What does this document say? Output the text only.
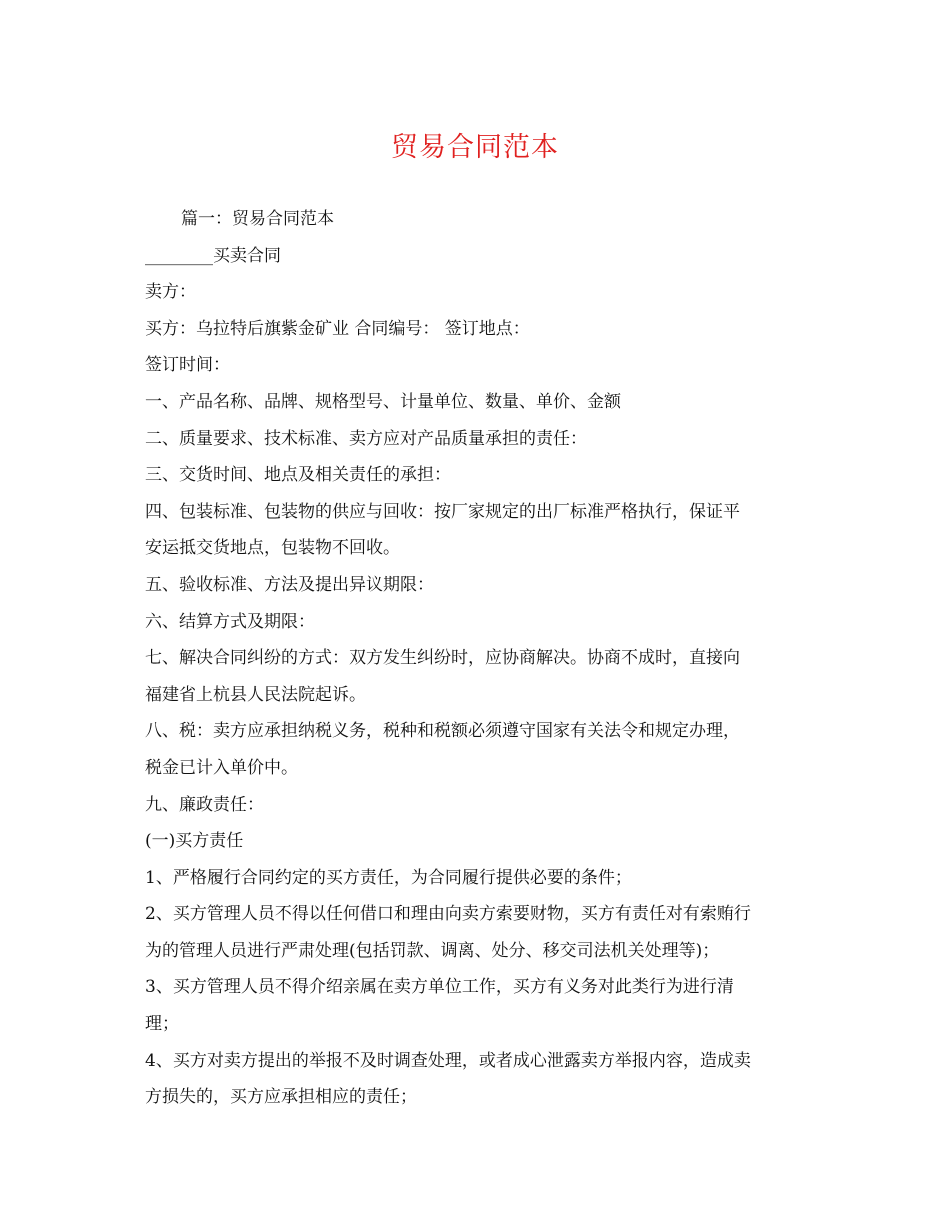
贸易合同范本
篇一：贸易合同范本
________买卖合同
卖方：
买方：乌拉特后旗紫金矿业 合同编号： 签订地点：
签订时间：
一、产品名称、品牌、规格型号、计量单位、数量、单价、金额
二、质量要求、技术标准、卖方应对产品质量承担的责任：
三、交货时间、地点及相关责任的承担：
四、包装标准、包装物的供应与回收：按厂家规定的出厂标准严格执行，保证平
安运抵交货地点，包装物不回收。
五、验收标准、方法及提出异议期限：
六、结算方式及期限：
七、解决合同纠纷的方式：双方发生纠纷时，应协商解决。协商不成时，直接向
福建省上杭县人民法院起诉。
八、税：卖方应承担纳税义务，税种和税额必须遵守国家有关法令和规定办理，
税金已计入单价中。
九、廉政责任：
(一)买方责任
1、严格履行合同约定的买方责任，为合同履行提供必要的条件；
2、买方管理人员不得以任何借口和理由向卖方索要财物，买方有责任对有索贿行
为的管理人员进行严肃处理(包括罚款、调离、处分、移交司法机关处理等)；
3、买方管理人员不得介绍亲属在卖方单位工作，买方有义务对此类行为进行清
理；
4、买方对卖方提出的举报不及时调查处理，或者成心泄露卖方举报内容，造成卖
方损失的，买方应承担相应的责任；
